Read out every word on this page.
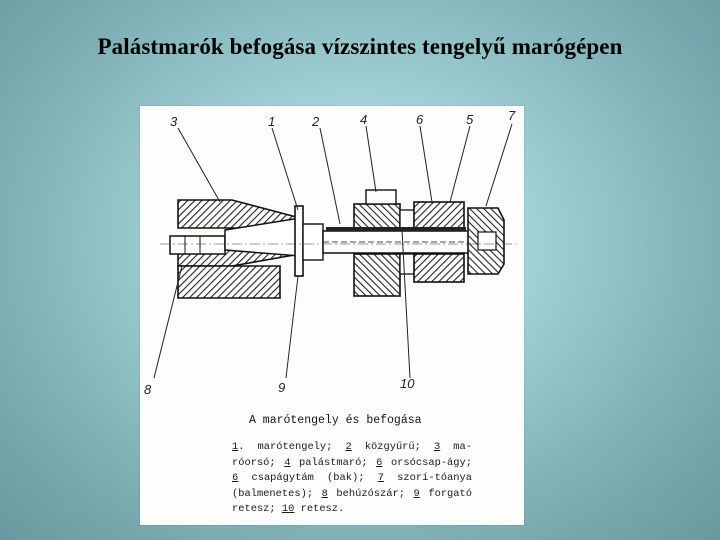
Palástmarók befogása vízszintes tengelyű marógépen
3	1	2	4	6	5	7
8	9	10
A marótengely és befogása
1. marótengely; 2 közgyűrű; 3 ma-róorsó; 4 palástmaró; 6 orsócsap-ágy; 6 csapágytám (bak); 7 szorí-tóanya (balmenetes); 8 behúzószár; 9 forgató retesz; 10 retesz.
